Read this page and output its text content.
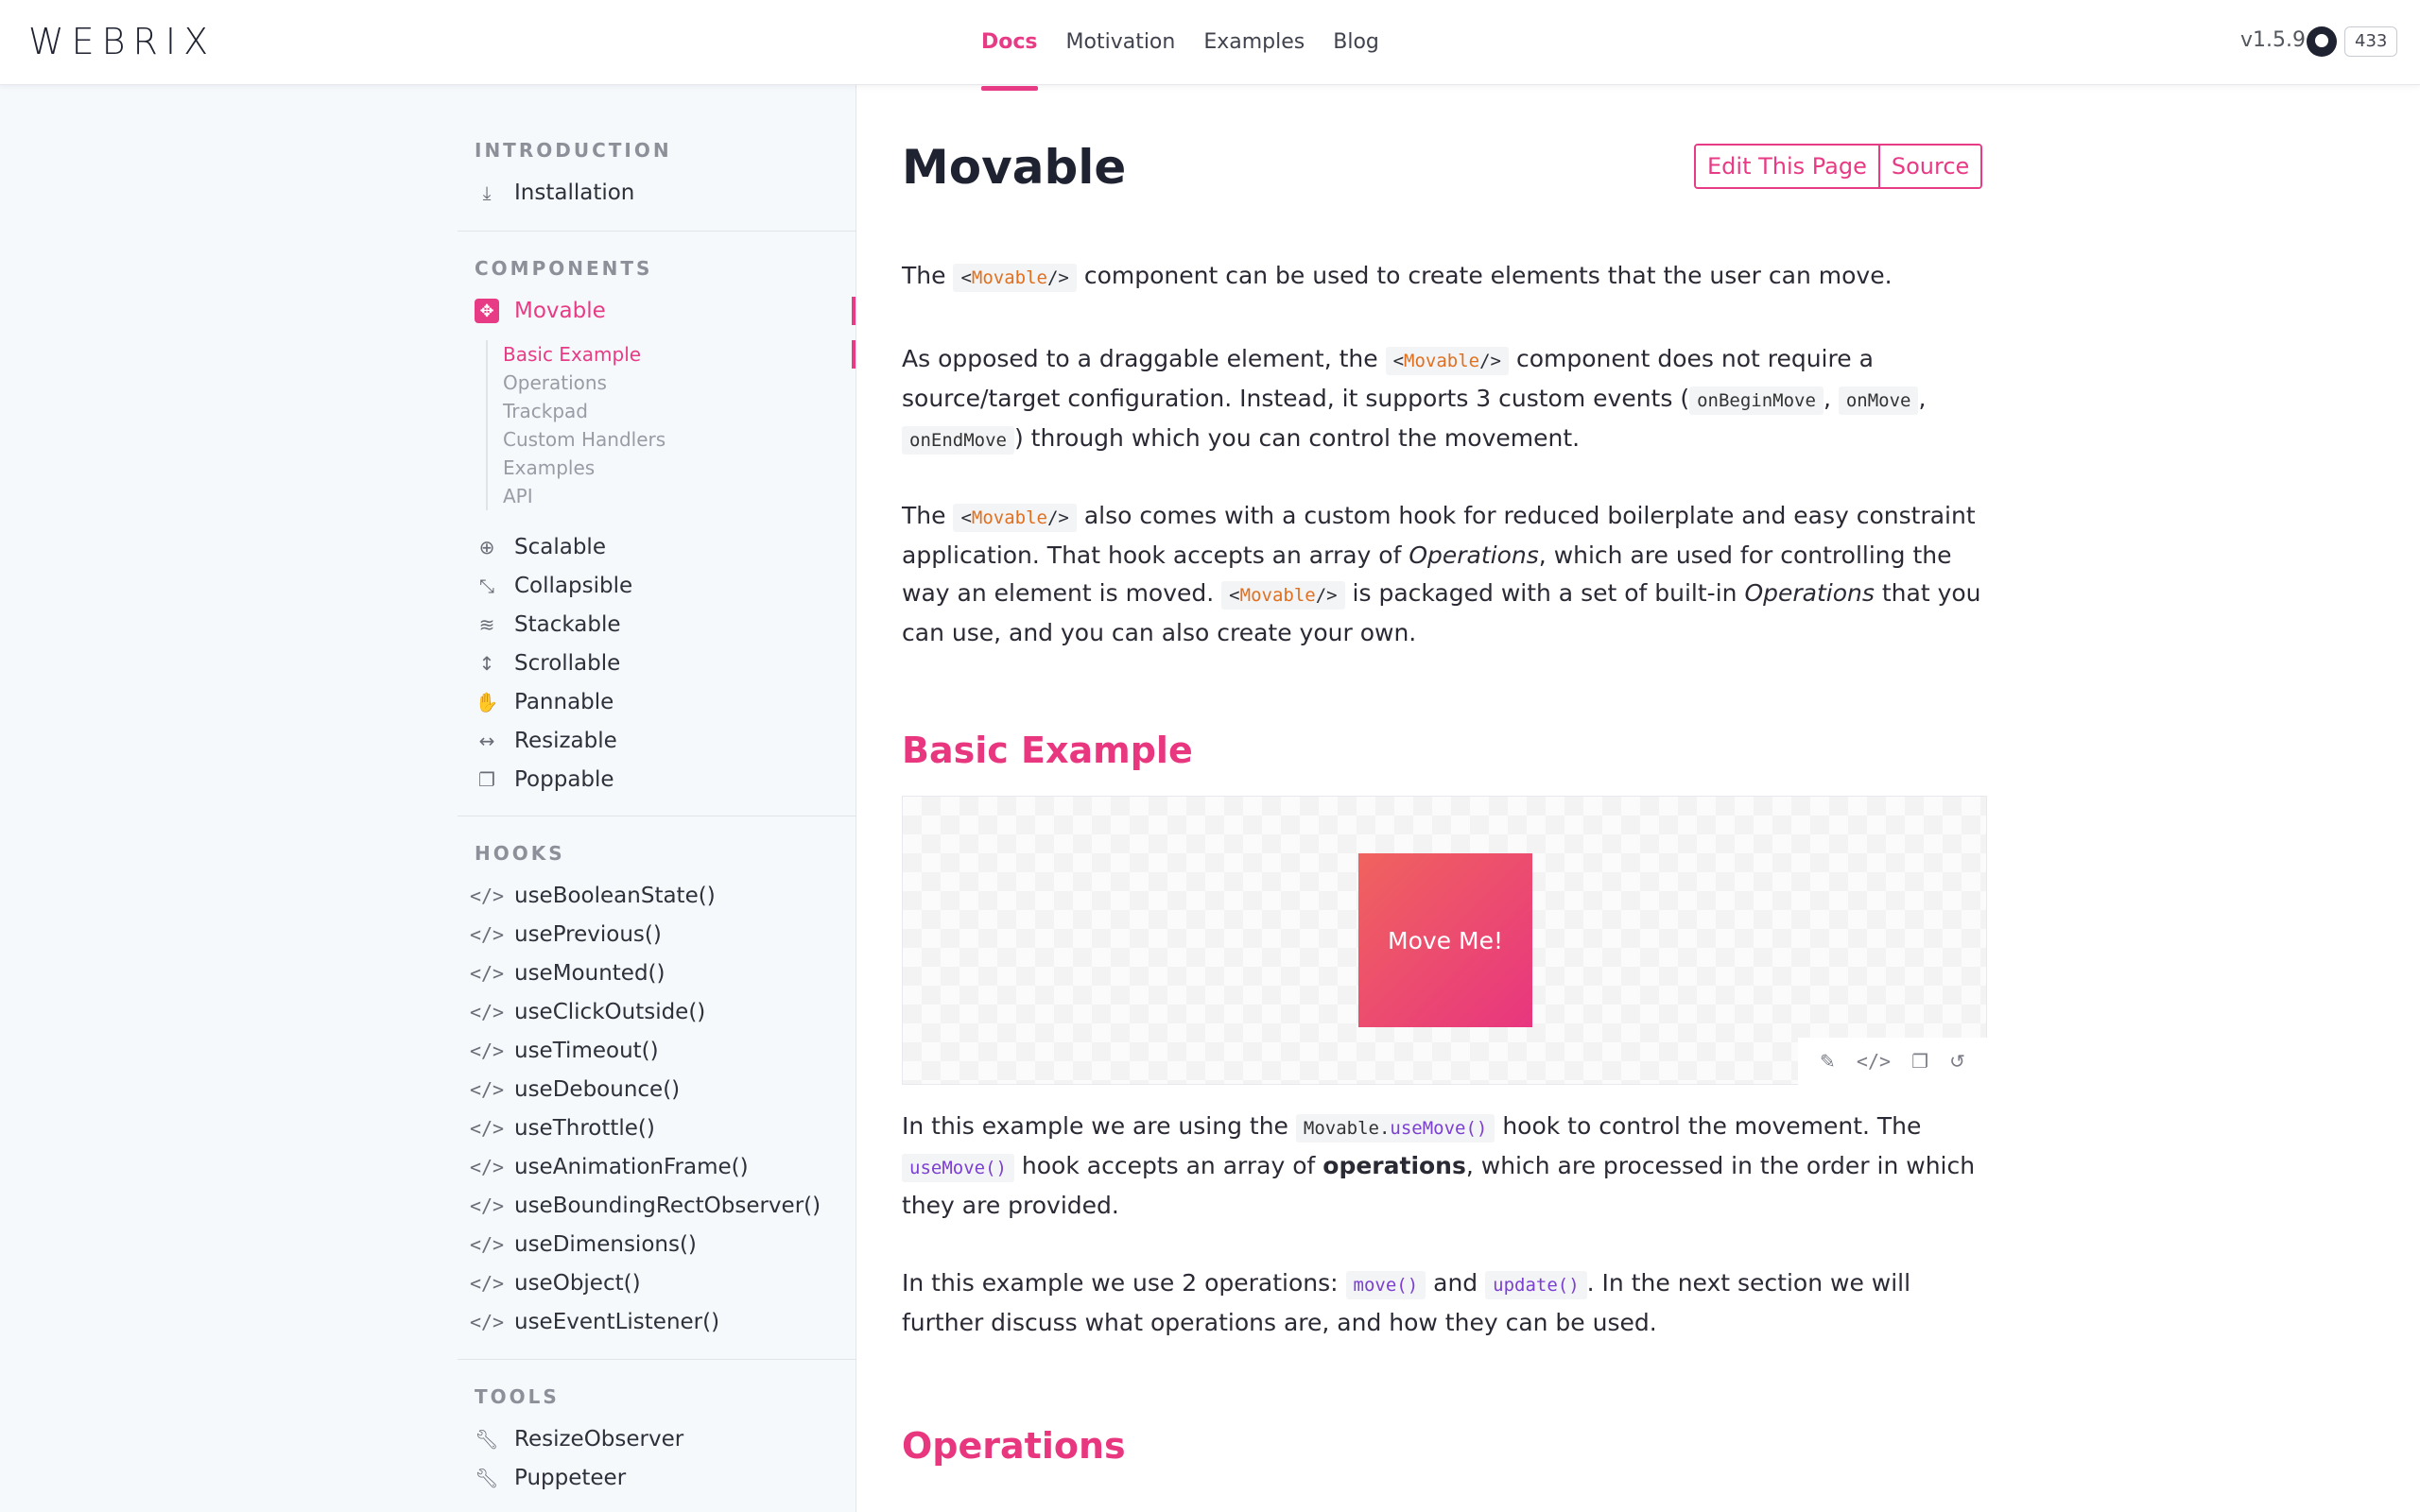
WEBRIX	Docs Motivation Examples Blog	v1.5.9	433
INTRODUCTION
⤓	Installation
COMPONENTS
✥ Movable
Basic Example
Operations
Trackpad
Custom Handlers
Examples
API
⊕ Scalable
⤡ Collapsible
≋ Stackable
↕ Scrollable
✋ Pannable
↔ Resizable
❐ Poppable
HOOKS
</> useBooleanState()
</> usePrevious()
</> useMounted()
</> useClickOutside()
</> useTimeout()
</> useDebounce()
</> useThrottle()
</> useAnimationFrame()
</> useBoundingRectObserver()
</> useDimensions()
</> useObject()
</> useEventListener()
TOOLS
🔧︎ ResizeObserver
🔧︎ Puppeteer
Movable	Edit This Page	Source
The <Movable/> component can be used to create elements that the user can move.
As opposed to a draggable element, the <Movable/> component does not require a source/target configuration. Instead, it supports 3 custom events ( onBeginMove , onMove , onEndMove ) through which you can control the movement.
The <Movable/> also comes with a custom hook for reduced boilerplate and easy constraint application. That hook accepts an array of Operations, which are used for controlling the way an element is moved. <Movable/> is packaged with a set of built-in Operations that you can use, and you can also create your own.
Basic Example
Move Me!
✎ </> ❐ ↺
In this example we are using the Movable.useMove() hook to control the movement. The useMove() hook accepts an array of operations, which are processed in the order in which they are provided.
In this example we use 2 operations: move() and update() . In the next section we will further discuss what operations are, and how they can be used.
Operations
